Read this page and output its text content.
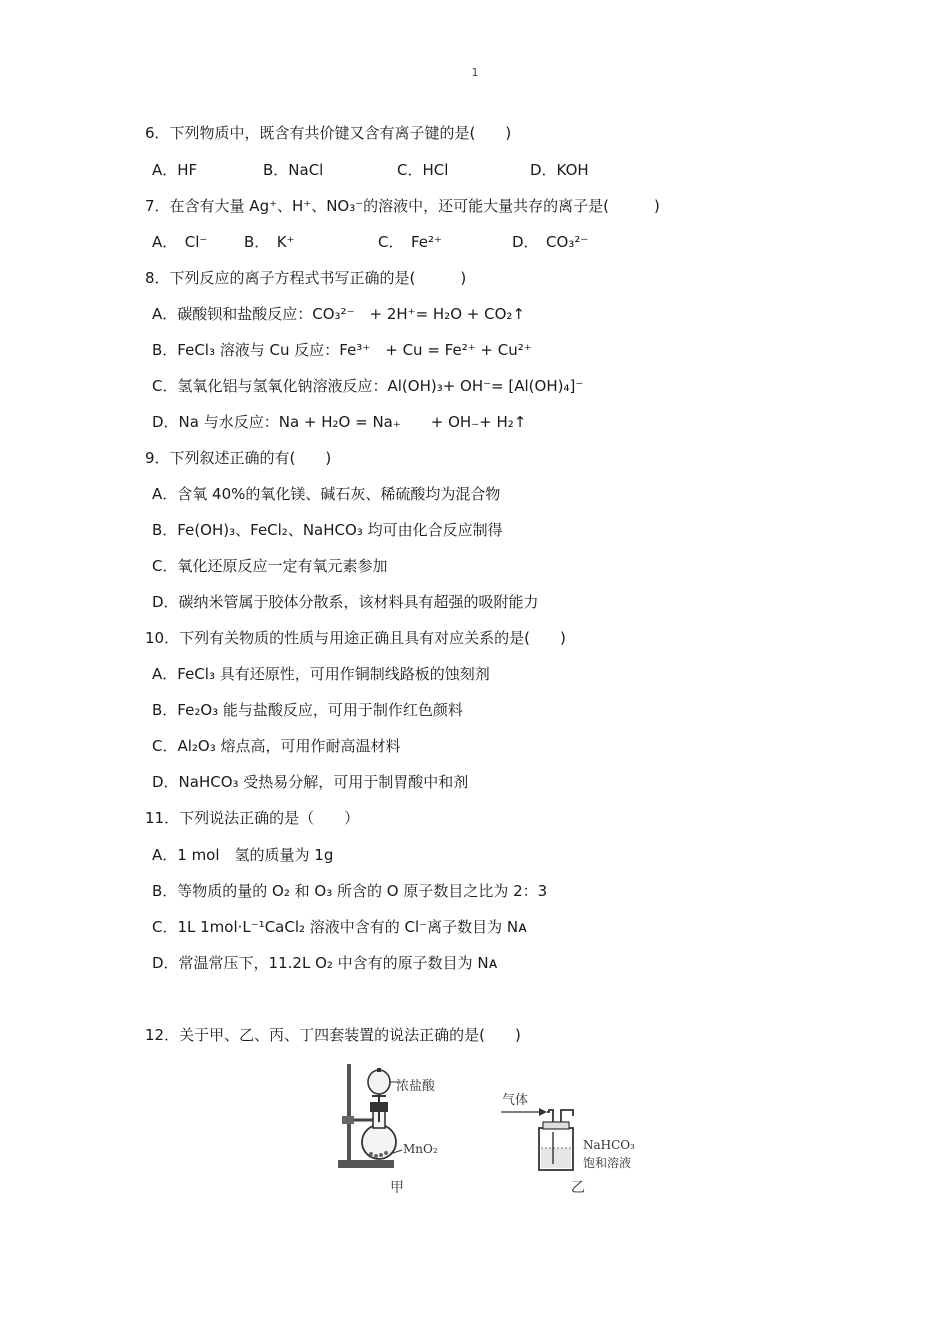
1
6．下列物质中，既含有共价键又含有离子键的是(　　)
A．HF	B．NaCl	C．HCl	D．KOH
7．在含有大量 Ag⁺、H⁺、NO₃⁻的溶液中，还可能大量共存的离子是(　　　)
A．　Cl⁻ B．　K⁺	C．　Fe²⁺	D．　CO₃²⁻
8．下列反应的离子方程式书写正确的是(　　　)
A．碳酸钡和盐酸反应：CO₃²⁻　+ 2H⁺= H₂O + CO₂↑
B．FeCl₃ 溶液与 Cu 反应：Fe³⁺　+ Cu = Fe²⁺ + Cu²⁺
C．氢氧化铝与氢氧化钠溶液反应：Al(OH)₃+ OH⁻= [Al(OH)₄]⁻
D．Na 与水反应：Na + H₂O = Na₊　　+ OH₋+ H₂↑
9．下列叙述正确的有(　　)
A．含氧 40%的氧化镁、碱石灰、稀硫酸均为混合物
B．Fe(OH)₃、FeCl₂、NaHCO₃ 均可由化合反应制得
C．氧化还原反应一定有氧元素参加
D．碳纳米管属于胶体分散系，该材料具有超强的吸附能力
10．下列有关物质的性质与用途正确且具有对应关系的是(　　)
A．FeCl₃ 具有还原性，可用作铜制线路板的蚀刻剂
B．Fe₂O₃ 能与盐酸反应，可用于制作红色颜料
C．Al₂O₃ 熔点高，可用作耐高温材料
D．NaHCO₃ 受热易分解，可用于制胃酸中和剂
11．下列说法正确的是（　　）
A．1 mol　氢的质量为 1g
B．等物质的量的 O₂ 和 O₃ 所含的 O 原子数目之比为 2：3
C．1L 1mol·L⁻¹CaCl₂ 溶液中含有的 Cl⁻离子数目为 Nᴀ
D．常温常压下，11.2L O₂ 中含有的原子数目为 Nᴀ
12．关于甲、乙、丙、丁四套装置的说法正确的是(　　)
甲
浓盐酸
MnO₂
乙
气体
NaHCO₃
饱和溶液
